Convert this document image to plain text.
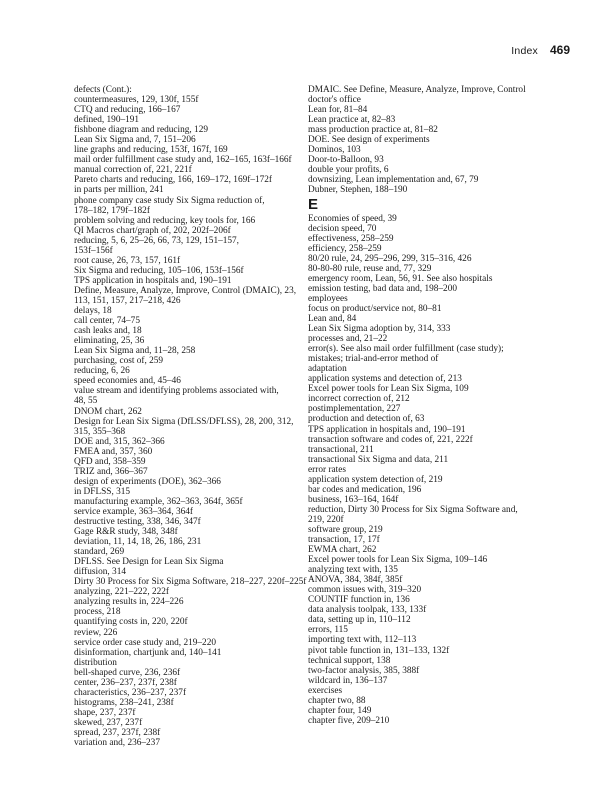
Index 469
defects (Cont.):
countermeasures, 129, 130f, 155f
CTQ and reducing, 166–167
defined, 190–191
fishbone diagram and reducing, 129
Lean Six Sigma and, 7, 151–206
line graphs and reducing, 153f, 167f, 169
mail order fulfillment case study and, 162–165, 163f–166f
manual correction of, 221, 221f
Pareto charts and reducing, 166, 169–172, 169f–172f
in parts per million, 241
phone company case study Six Sigma reduction of,
178–182, 179f–182f
problem solving and reducing, key tools for, 166
QI Macros chart/graph of, 202, 202f–206f
reducing, 5, 6, 25–26, 66, 73, 129, 151–157,
153f–156f
root cause, 26, 73, 157, 161f
Six Sigma and reducing, 105–106, 153f–156f
TPS application in hospitals and, 190–191
Define, Measure, Analyze, Improve, Control (DMAIC), 23,
113, 151, 157, 217–218, 426
delays, 18
call center, 74–75
cash leaks and, 18
eliminating, 25, 36
Lean Six Sigma and, 11–28, 258
purchasing, cost of, 259
reducing, 6, 26
speed economies and, 45–46
value stream and identifying problems associated with,
48, 55
DNOM chart, 262
Design for Lean Six Sigma (DfLSS/DFLSS), 28, 200, 312,
315, 355–368
DOE and, 315, 362–366
FMEA and, 357, 360
QFD and, 358–359
TRIZ and, 366–367
design of experiments (DOE), 362–366
in DFLSS, 315
manufacturing example, 362–363, 364f, 365f
service example, 363–364, 364f
destructive testing, 338, 346, 347f
Gage R&R study, 348, 348f
deviation, 11, 14, 18, 26, 186, 231
standard, 269
DFLSS. See Design for Lean Six Sigma
diffusion, 314
Dirty 30 Process for Six Sigma Software, 218–227, 220f–225f
analyzing, 221–222, 222f
analyzing results in, 224–226
process, 218
quantifying costs in, 220, 220f
review, 226
service order case study and, 219–220
disinformation, chartjunk and, 140–141
distribution
bell-shaped curve, 236, 236f
center, 236–237, 237f, 238f
characteristics, 236–237, 237f
histograms, 238–241, 238f
shape, 237, 237f
skewed, 237, 237f
spread, 237, 237f, 238f
variation and, 236–237
DMAIC. See Define, Measure, Analyze, Improve, Control
doctor's office
Lean for, 81–84
Lean practice at, 82–83
mass production practice at, 81–82
DOE. See design of experiments
Dominos, 103
Door-to-Balloon, 93
double your profits, 6
downsizing, Lean implementation and, 67, 79
Dubner, Stephen, 188–190
E
Economies of speed, 39
decision speed, 70
effectiveness, 258–259
efficiency, 258–259
80/20 rule, 24, 295–296, 299, 315–316, 426
80-80-80 rule, reuse and, 77, 329
emergency room, Lean, 56, 91. See also hospitals
emission testing, bad data and, 198–200
employees
focus on product/service not, 80–81
Lean and, 84
Lean Six Sigma adoption by, 314, 333
processes and, 21–22
error(s). See also mail order fulfillment (case study);
mistakes; trial-and-error method of
adaptation
application systems and detection of, 213
Excel power tools for Lean Six Sigma, 109
incorrect correction of, 212
postimplementation, 227
production and detection of, 63
TPS application in hospitals and, 190–191
transaction software and codes of, 221, 222f
transactional, 211
transactional Six Sigma and data, 211
error rates
application system detection of, 219
bar codes and medication, 196
business, 163–164, 164f
reduction, Dirty 30 Process for Six Sigma Software and,
219, 220f
software group, 219
transaction, 17, 17f
EWMA chart, 262
Excel power tools for Lean Six Sigma, 109–146
analyzing text with, 135
ANOVA, 384, 384f, 385f
common issues with, 319–320
COUNTIF function in, 136
data analysis toolpak, 133, 133f
data, setting up in, 110–112
errors, 115
importing text with, 112–113
pivot table function in, 131–133, 132f
technical support, 138
two-factor analysis, 385, 388f
wildcard in, 136–137
exercises
chapter two, 88
chapter four, 149
chapter five, 209–210
